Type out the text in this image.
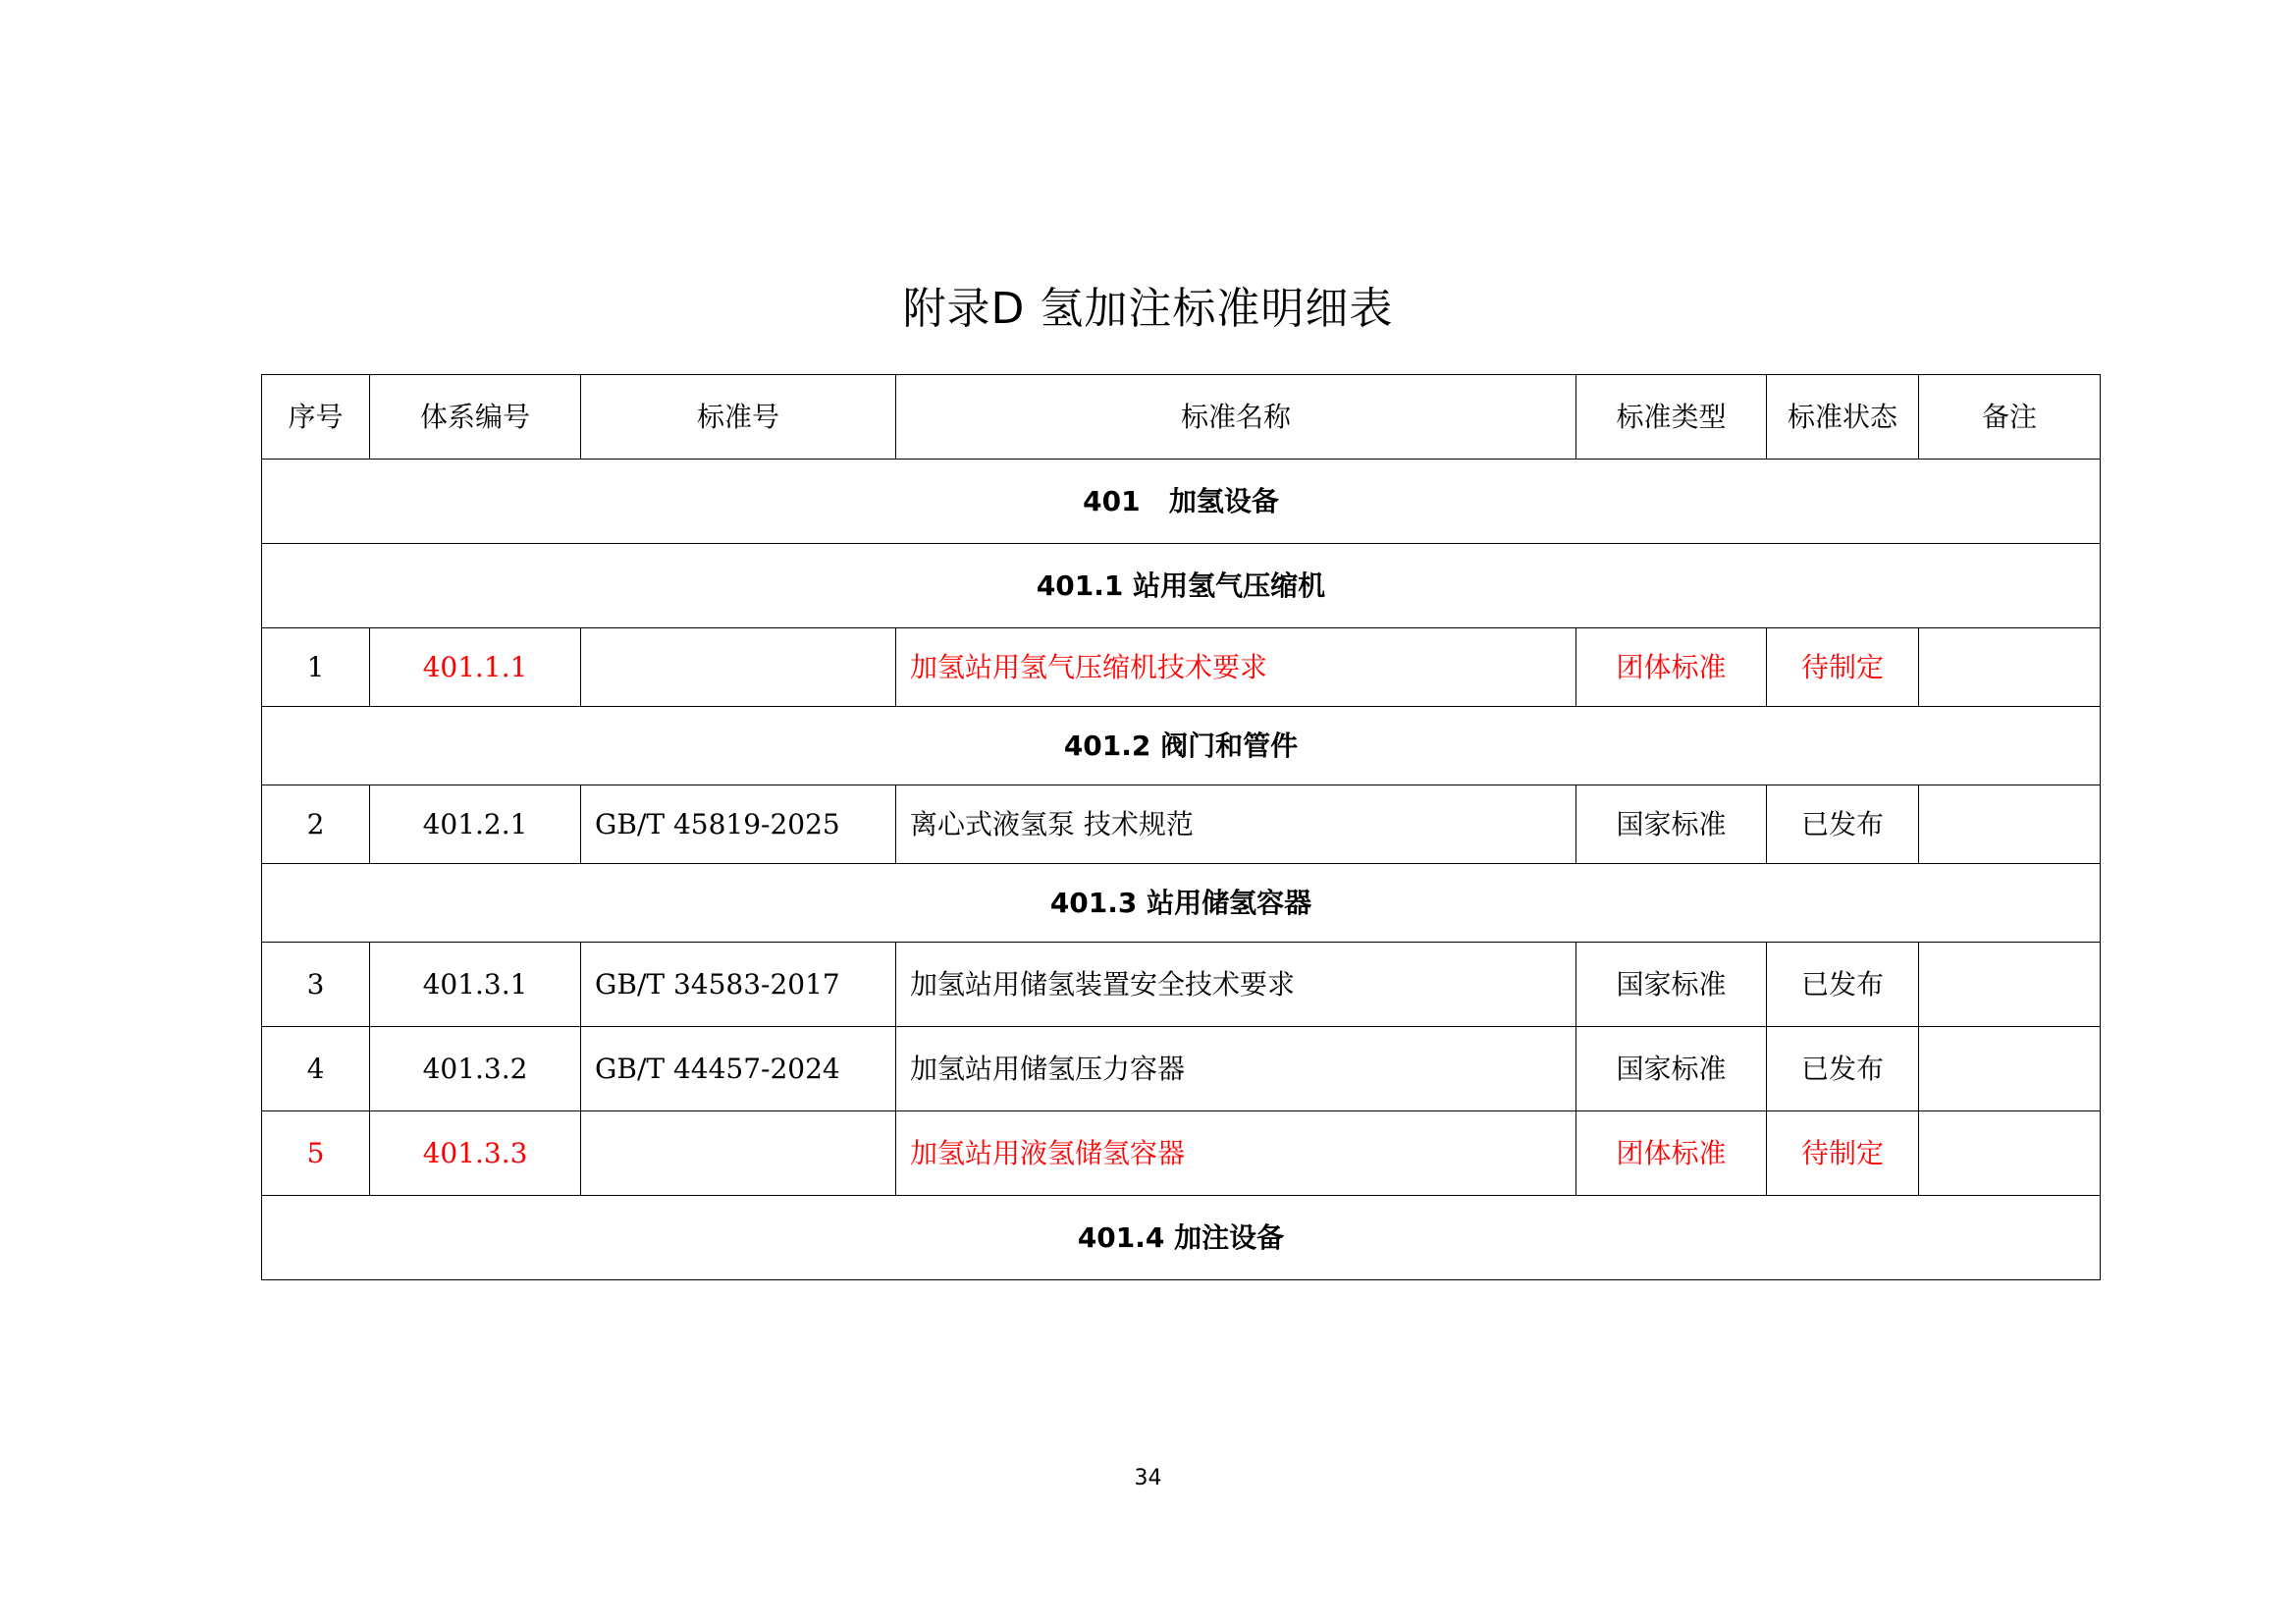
附录D 氢加注标准明细表
序号	体系编号	标准号	标准名称	标准类型	标准状态	备注
401   加氢设备						
401.1 站用氢气压缩机						
1	401.1.1		加氢站用氢气压缩机技术要求	团体标准	待制定	
401.2 阀门和管件						
2	401.2.1	GB/T 45819-2025	离心式液氢泵 技术规范	国家标准	已发布	
401.3 站用储氢容器						
3	401.3.1	GB/T 34583-2017	加氢站用储氢装置安全技术要求	国家标准	已发布	
4	401.3.2	GB/T 44457-2024	加氢站用储氢压力容器	国家标准	已发布	
5	401.3.3		加氢站用液氢储氢容器	团体标准	待制定	
401.4 加注设备						
34
